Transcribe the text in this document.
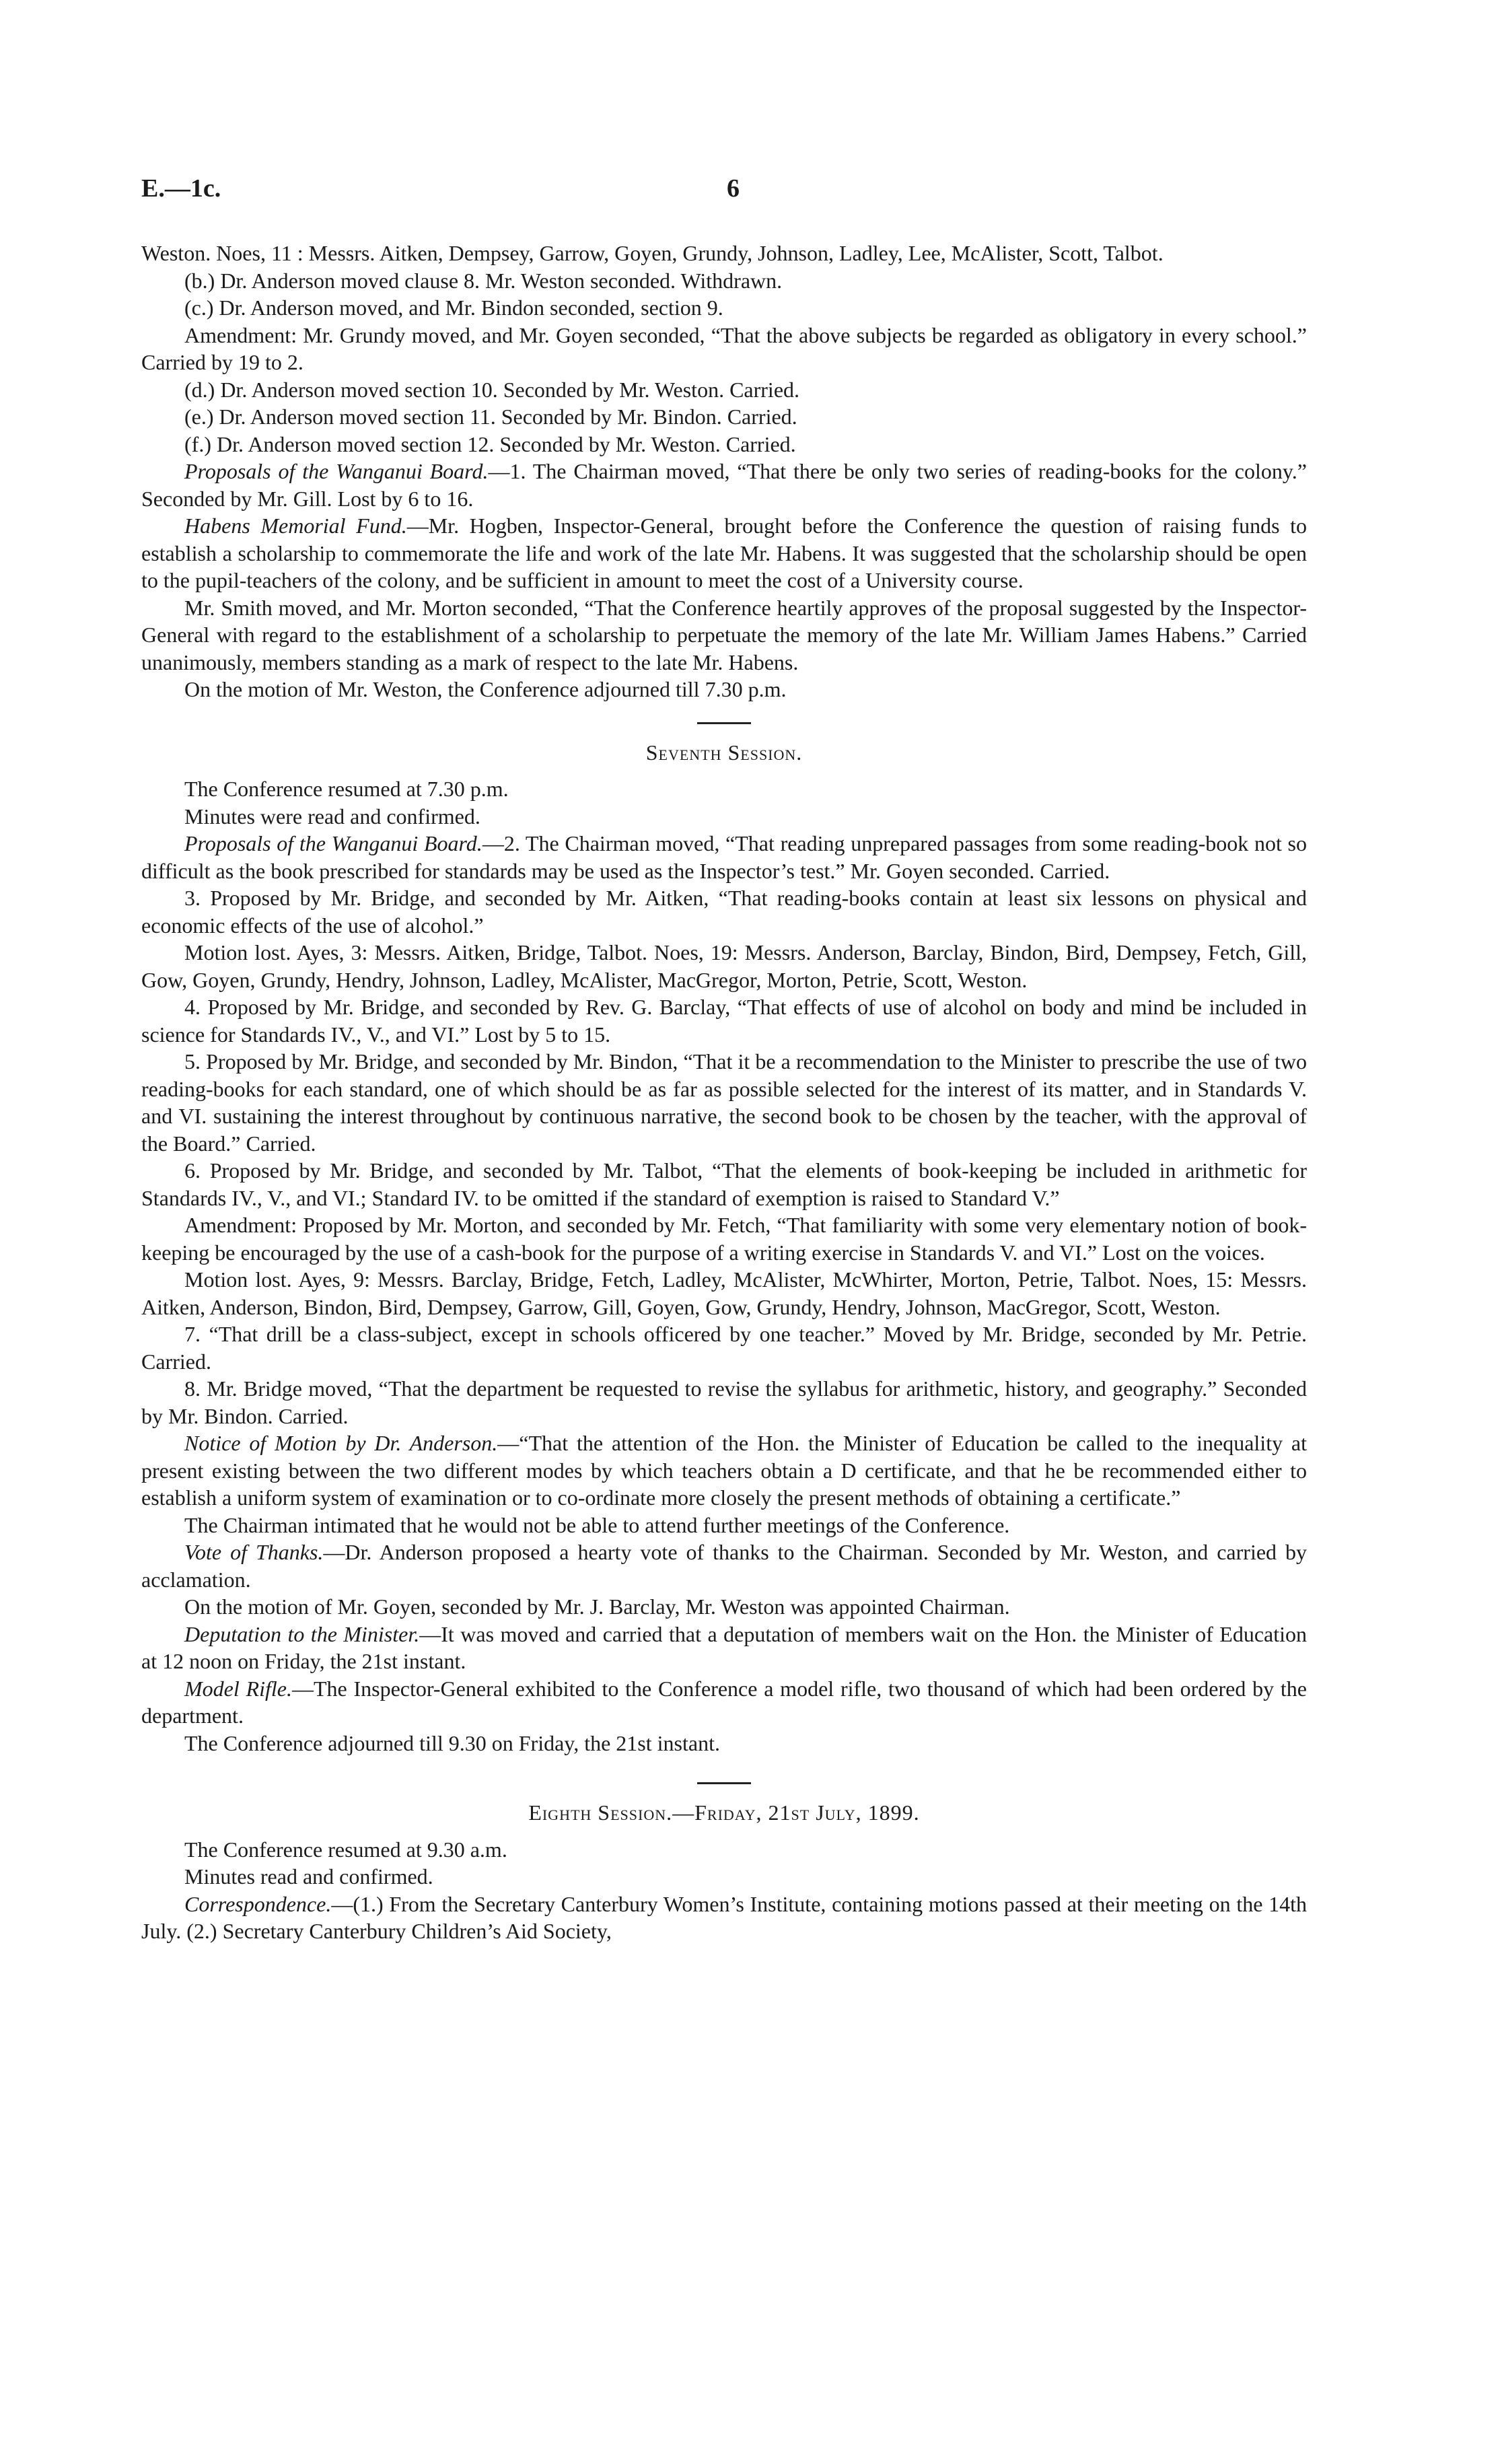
E.—1c.	6

Weston. Noes, 11 : Messrs. Aitken, Dempsey, Garrow, Goyen, Grundy, Johnson, Ladley, Lee, McAlister, Scott, Talbot.

(b.) Dr. Anderson moved clause 8. Mr. Weston seconded. Withdrawn.

(c.) Dr. Anderson moved, and Mr. Bindon seconded, section 9.

Amendment: Mr. Grundy moved, and Mr. Goyen seconded, “That the above subjects be regarded as obligatory in every school.” Carried by 19 to 2.

(d.) Dr. Anderson moved section 10. Seconded by Mr. Weston. Carried.

(e.) Dr. Anderson moved section 11. Seconded by Mr. Bindon. Carried.

(f.) Dr. Anderson moved section 12. Seconded by Mr. Weston. Carried.

Proposals of the Wanganui Board.—1. The Chairman moved, “That there be only two series of reading-books for the colony.” Seconded by Mr. Gill. Lost by 6 to 16.

Habens Memorial Fund.—Mr. Hogben, Inspector-General, brought before the Conference the question of raising funds to establish a scholarship to commemorate the life and work of the late Mr. Habens. It was suggested that the scholarship should be open to the pupil-teachers of the colony, and be sufficient in amount to meet the cost of a University course.

Mr. Smith moved, and Mr. Morton seconded, “That the Conference heartily approves of the proposal suggested by the Inspector-General with regard to the establishment of a scholarship to perpetuate the memory of the late Mr. William James Habens.” Carried unanimously, members standing as a mark of respect to the late Mr. Habens.

On the motion of Mr. Weston, the Conference adjourned till 7.30 p.m.

Seventh Session.

The Conference resumed at 7.30 p.m.

Minutes were read and confirmed.

Proposals of the Wanganui Board.—2. The Chairman moved, “That reading unprepared passages from some reading-book not so difficult as the book prescribed for standards may be used as the Inspector’s test.” Mr. Goyen seconded. Carried.

3. Proposed by Mr. Bridge, and seconded by Mr. Aitken, “That reading-books contain at least six lessons on physical and economic effects of the use of alcohol.”

Motion lost. Ayes, 3: Messrs. Aitken, Bridge, Talbot. Noes, 19: Messrs. Anderson, Barclay, Bindon, Bird, Dempsey, Fetch, Gill, Gow, Goyen, Grundy, Hendry, Johnson, Ladley, McAlister, MacGregor, Morton, Petrie, Scott, Weston.

4. Proposed by Mr. Bridge, and seconded by Rev. G. Barclay, “That effects of use of alcohol on body and mind be included in science for Standards IV., V., and VI.” Lost by 5 to 15.

5. Proposed by Mr. Bridge, and seconded by Mr. Bindon, “That it be a recommendation to the Minister to prescribe the use of two reading-books for each standard, one of which should be as far as possible selected for the interest of its matter, and in Standards V. and VI. sustaining the interest throughout by continuous narrative, the second book to be chosen by the teacher, with the approval of the Board.” Carried.

6. Proposed by Mr. Bridge, and seconded by Mr. Talbot, “That the elements of book-keeping be included in arithmetic for Standards IV., V., and VI.; Standard IV. to be omitted if the standard of exemption is raised to Standard V.”

Amendment: Proposed by Mr. Morton, and seconded by Mr. Fetch, “That familiarity with some very elementary notion of book-keeping be encouraged by the use of a cash-book for the purpose of a writing exercise in Standards V. and VI.” Lost on the voices.

Motion lost. Ayes, 9: Messrs. Barclay, Bridge, Fetch, Ladley, McAlister, McWhirter, Morton, Petrie, Talbot. Noes, 15: Messrs. Aitken, Anderson, Bindon, Bird, Dempsey, Garrow, Gill, Goyen, Gow, Grundy, Hendry, Johnson, MacGregor, Scott, Weston.

7. “That drill be a class-subject, except in schools officered by one teacher.” Moved by Mr. Bridge, seconded by Mr. Petrie. Carried.

8. Mr. Bridge moved, “That the department be requested to revise the syllabus for arithmetic, history, and geography.” Seconded by Mr. Bindon. Carried.

Notice of Motion by Dr. Anderson.—“That the attention of the Hon. the Minister of Education be called to the inequality at present existing between the two different modes by which teachers obtain a D certificate, and that he be recommended either to establish a uniform system of examination or to co-ordinate more closely the present methods of obtaining a certificate.”

The Chairman intimated that he would not be able to attend further meetings of the Conference.

Vote of Thanks.—Dr. Anderson proposed a hearty vote of thanks to the Chairman. Seconded by Mr. Weston, and carried by acclamation.

On the motion of Mr. Goyen, seconded by Mr. J. Barclay, Mr. Weston was appointed Chairman.

Deputation to the Minister.—It was moved and carried that a deputation of members wait on the Hon. the Minister of Education at 12 noon on Friday, the 21st instant.

Model Rifle.—The Inspector-General exhibited to the Conference a model rifle, two thousand of which had been ordered by the department.

The Conference adjourned till 9.30 on Friday, the 21st instant.

Eighth Session.—Friday, 21st July, 1899.

The Conference resumed at 9.30 a.m.

Minutes read and confirmed.

Correspondence.—(1.) From the Secretary Canterbury Women’s Institute, containing motions passed at their meeting on the 14th July. (2.) Secretary Canterbury Children’s Aid Society,
